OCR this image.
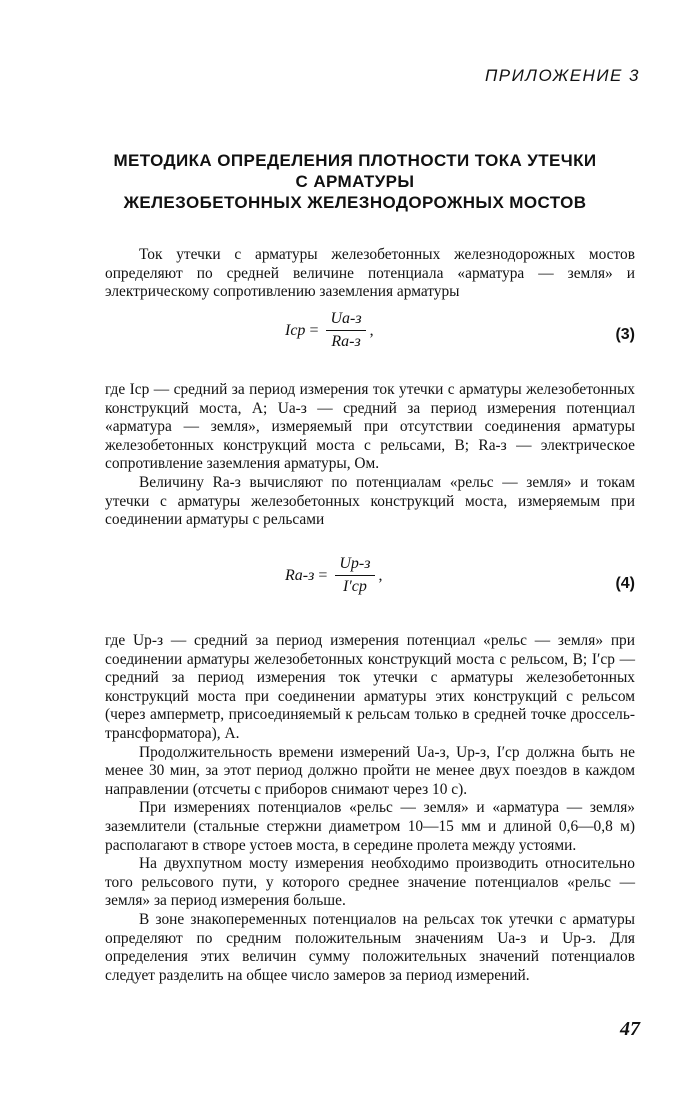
ПРИЛОЖЕНИЕ 3
МЕТОДИКА ОПРЕДЕЛЕНИЯ ПЛОТНОСТИ ТОКА УТЕЧКИ
С АРМАТУРЫ
ЖЕЛЕЗОБЕТОННЫХ ЖЕЛЕЗНОДОРОЖНЫХ МОСТОВ

Ток утечки с арматуры железобетонных железнодорожных мостов определяют по средней величине потенциала «арматура — земля» и электрическому сопротивлению заземления арматуры

Iср = $\frac{Uа-з}{Rа-з}$ ,	(3)

где Iср — средний за период измерения ток утечки с арматуры железобетонных конструкций моста, А; Uа-з — средний за период измерения потенциал «арматура — земля», измеряемый при отсутствии соединения арматуры железобетонных конструкций моста с рельсами, В; Rа-з — электрическое сопротивление заземления арматуры, Ом.

Величину Rа-з вычисляют по потенциалам «рельс — земля» и токам утечки с арматуры железобетонных конструкций моста, измеряемым при соединении арматуры с рельсами

$Rа-з = \frac{Uр-з}{I'ср}$ ,	(4)

где Uр-з — средний за период измерения потенциал «рельс — земля» при соединении арматуры железобетонных конструкций моста с рельсом, В; I′ср — средний за период измерения ток утечки с арматуры железобетонных конструкций моста при соединении арматуры этих конструкций с рельсом (через амперметр, присоединяемый к рельсам только в средней точке дроссель-трансформатора), А.

Продолжительность времени измерений Uа-з, Uр-з, I′ср должна быть не менее 30 мин, за этот период должно пройти не менее двух поездов в каждом направлении (отсчеты с приборов снимают через 10 с).

При измерениях потенциалов «рельс — земля» и «арматура — земля» заземлители (стальные стержни диаметром 10—15 мм и длиной 0,6—0,8 м) располагают в створе устоев моста, в середине пролета между устоями.

На двухпутном мосту измерения необходимо производить относительно того рельсового пути, у которого среднее значение потенциалов «рельс — земля» за период измерения больше.

В зоне знакопеременных потенциалов на рельсах ток утечки с арматуры определяют по средним положительным значениям Uа-з и Uр-з. Для определения этих величин сумму положительных значений потенциалов следует разделить на общее число замеров за период измерений.

47
